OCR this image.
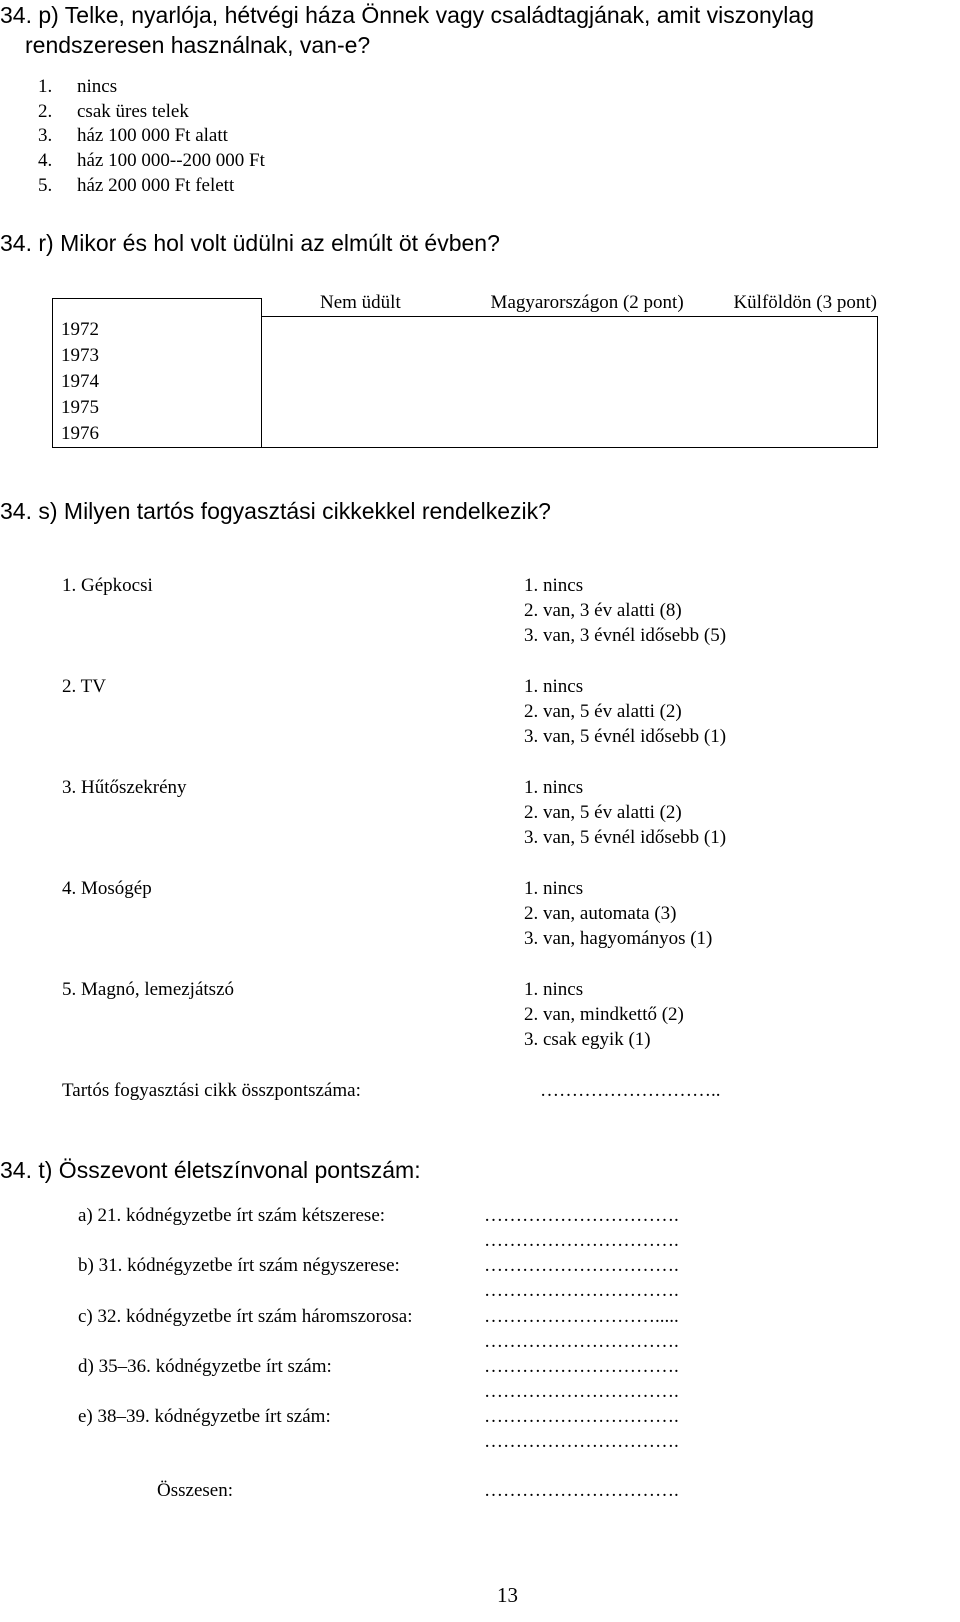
34. p) Telke, nyarlója, hétvégi háza Önnek vagy családtagjának, amit viszonylag
rendszeresen használnak, van-e?
1. nincs
2. csak üres telek
3. ház 100 000 Ft alatt
4. ház 100 000--200 000 Ft
5. ház 200 000 Ft felett
34. r) Mikor és hol volt üdülni az elmúlt öt évben?
1972
1973
1974
1975
1976

Nem üdült	Magyarországon (2 pont)	Külföldön (3 pont)

34. s) Milyen tartós fogyasztási cikkekkel rendelkezik?
1. Gépkocsi	1. nincs
2. van, 3 év alatti (8)
3. van, 3 évnél idősebb (5)
2. TV	1. nincs
2. van, 5 év alatti (2)
3. van, 5 évnél idősebb (1)
3. Hűtőszekrény	1. nincs
2. van, 5 év alatti (2)
3. van, 5 évnél idősebb (1)
4. Mosógép	1. nincs
2. van, automata (3)
3. van, hagyományos (1)
5. Magnó, lemezjátszó	1. nincs
2. van, mindkettő (2)
3. csak egyik (1)
Tartós fogyasztási cikk összpontszáma:	………………………..
34. t) Összevont életszínvonal pontszám:
a) 21. kódnégyzetbe írt szám kétszerese:	………………………….
………………………….
b) 31. kódnégyzetbe írt szám négyszerese:	………………………….
………………………….
c) 32. kódnégyzetbe írt szám háromszorosa:	……………………….....
………………………….
d) 35–36. kódnégyzetbe írt szám:	………………………….
………………………….
e) 38–39. kódnégyzetbe írt szám:	………………………….
………………………….
Összesen:	………………………….
13
